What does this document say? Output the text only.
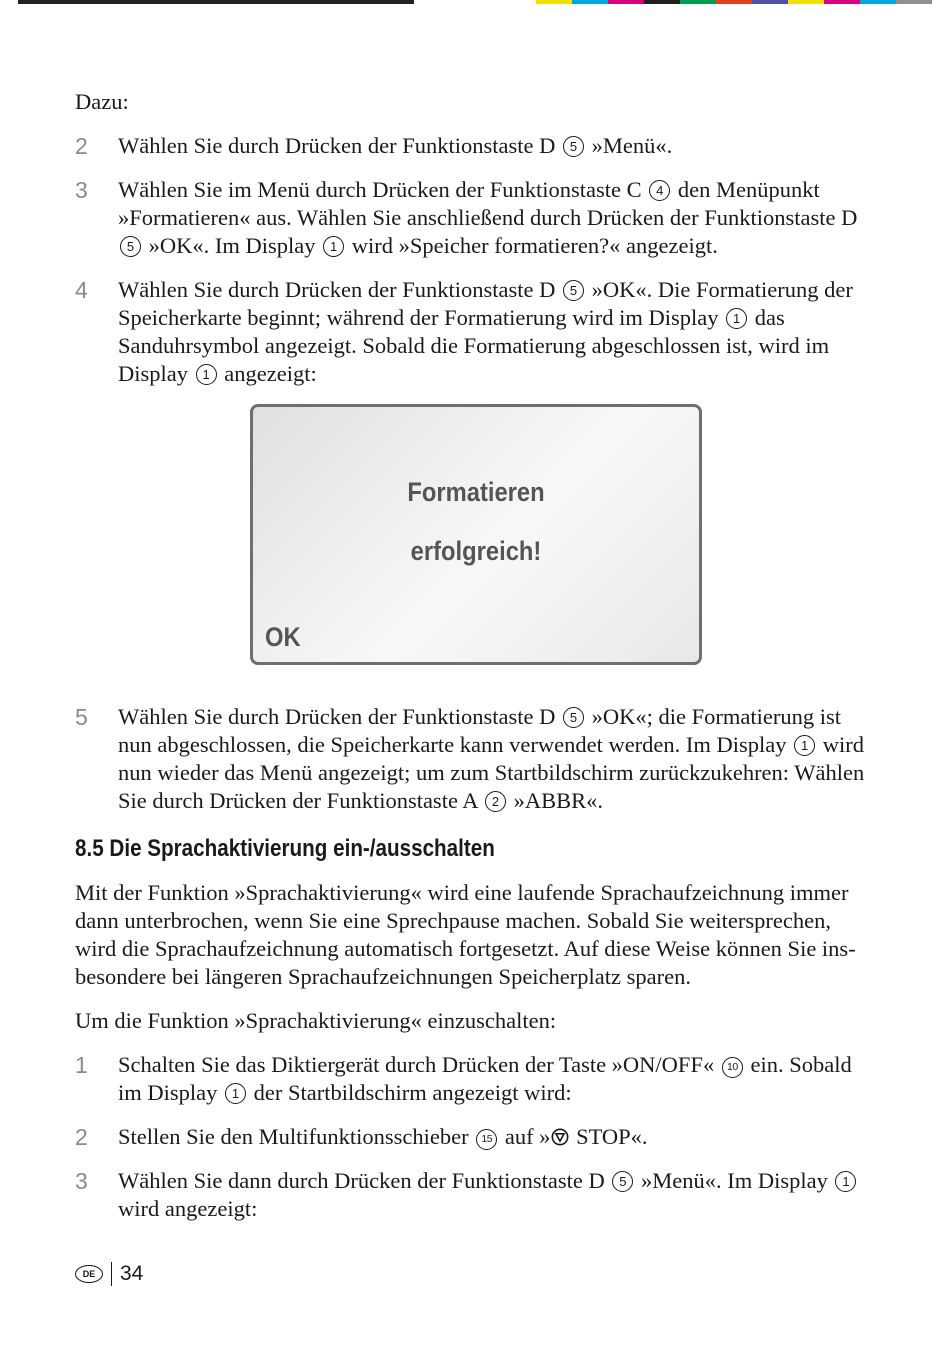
Dazu:

2	Wählen Sie durch Drücken der Funktionstaste D 5 »Menü«.
3	Wählen Sie im Menü durch Drücken der Funktionstaste C 4 den Menüpunkt »Formatieren« aus. Wählen Sie anschließend durch Drücken der Funktionstaste D 5 »OK«. Im Display 1 wird »Speicher formatieren?« angezeigt.
4	Wählen Sie durch Drücken der Funktionstaste D 5 »OK«. Die Formatierung der Speicherkarte beginnt; während der Formatierung wird im Display 1 das Sanduhrsymbol angezeigt. Sobald die Formatierung abgeschlossen ist, wird im Display 1 angezeigt:
Formatieren
erfolgreich!
OK
5	Wählen Sie durch Drücken der Funktionstaste D 5 »OK«; die Formatierung ist nun abgeschlossen, die Speicherkarte kann verwendet werden. Im Display 1 wird nun wieder das Menü angezeigt; um zum Startbildschirm zurückzukehren: Wählen Sie durch Drücken der Funktionstaste A 2 »ABBR«.
8.5 Die Sprachaktivierung ein-/ausschalten

Mit der Funktion »Sprachaktivierung« wird eine laufende Sprachaufzeichnung immer dann unterbrochen, wenn Sie eine Sprechpause machen. Sobald Sie weitersprechen, wird die Sprachaufzeichnung automatisch fortgesetzt. Auf diese Weise können Sie insbesondere bei längeren Sprachaufzeichnungen Speicherplatz sparen.

Um die Funktion »Sprachaktivierung« einzuschalten:

1	Schalten Sie das Diktiergerät durch Drücken der Taste »ON/OFF« 10 ein. Sobald im Display 1 der Startbildschirm angezeigt wird:
2	Stellen Sie den Multifunktionsschieber 15 auf » STOP«.
3	Wählen Sie dann durch Drücken der Funktionstaste D 5 »Menü«. Im Display 1 wird angezeigt:
DE	34
